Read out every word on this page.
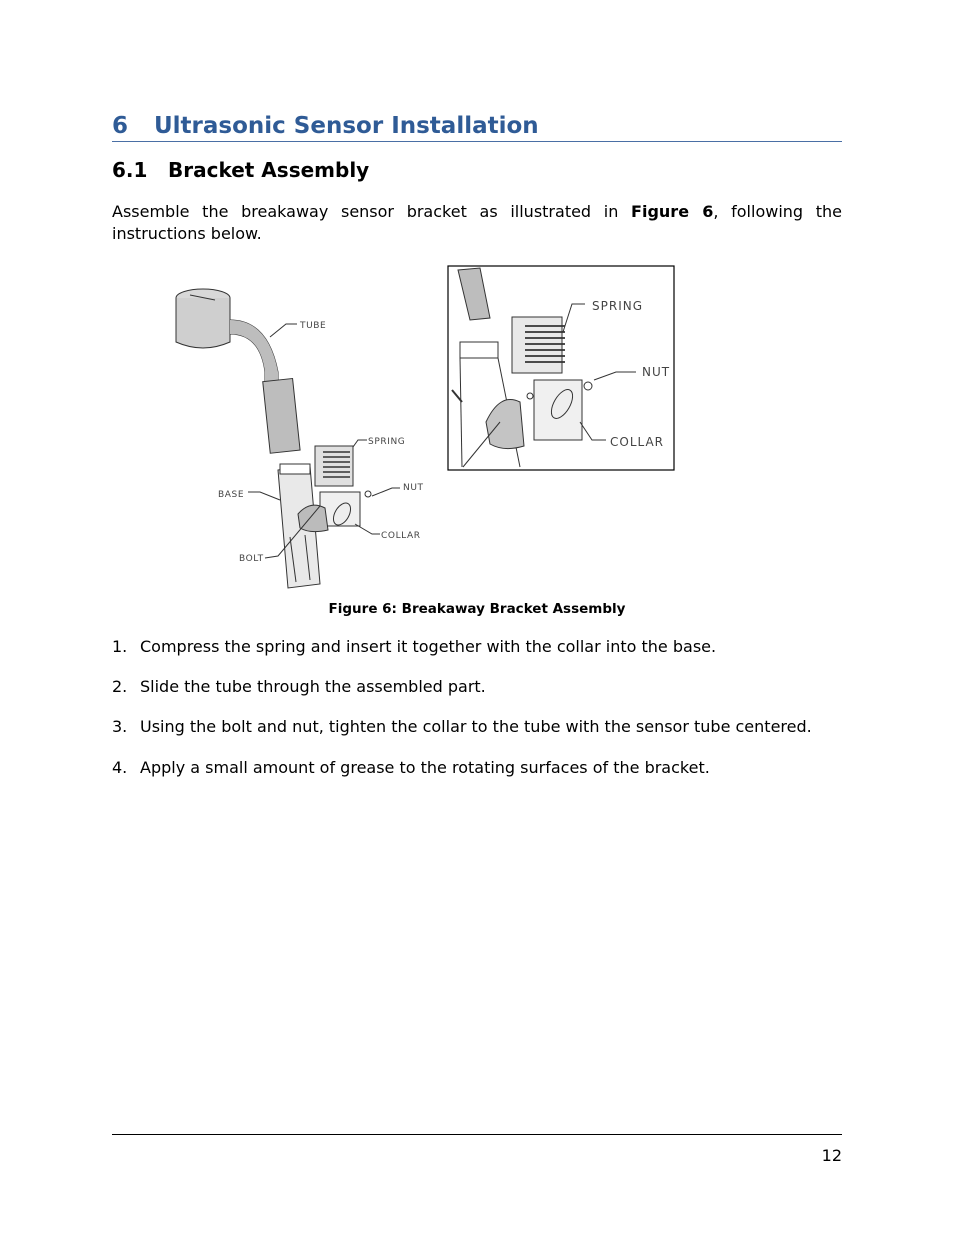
6 Ultrasonic Sensor Installation
6.1 Bracket Assembly

Assemble the breakaway sensor bracket as illustrated in Figure 6, following the instructions below.

TUBE
SPRING
BASE
NUT
COLLAR
BOLT
SPRING
NUT
COLLAR
Figure 6: Breakaway Bracket Assembly
1. Compress the spring and insert it together with the collar into the base.
2. Slide the tube through the assembled part.
3. Using the bolt and nut, tighten the collar to the tube with the sensor tube centered.
4. Apply a small amount of grease to the rotating surfaces of the bracket.
12
